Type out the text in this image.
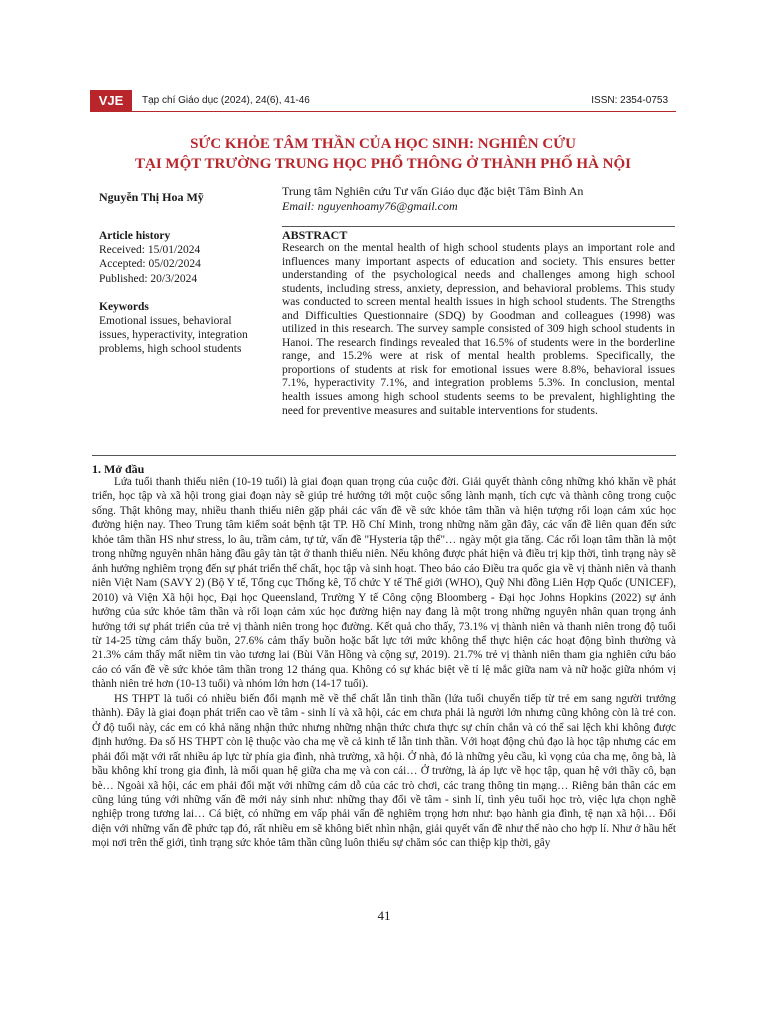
VJE	Tạp chí Giáo dục (2024), 24(6), 41-46	ISSN: 2354-0753
SỨC KHỎE TÂM THẦN CỦA HỌC SINH: NGHIÊN CỨU
TẠI MỘT TRƯỜNG TRUNG HỌC PHỔ THÔNG Ở THÀNH PHỐ HÀ NỘI
Nguyễn Thị Hoa Mỹ	Trung tâm Nghiên cứu Tư vấn Giáo dục đặc biệt Tâm Bình An
Email: nguyenhoamy76@gmail.com
Article history
Received: 15/01/2024
Accepted: 05/02/2024
Published: 20/3/2024
Keywords
Emotional issues, behavioral issues, hyperactivity, integration problems, high school students
ABSTRACT
Research on the mental health of high school students plays an important role and influences many important aspects of education and society. This ensures better understanding of the psychological needs and challenges among high school students, including stress, anxiety, depression, and behavioral problems. This study was conducted to screen mental health issues in high school students. The Strengths and Difficulties Questionnaire (SDQ) by Goodman and colleagues (1998) was utilized in this research. The survey sample consisted of 309 high school students in Hanoi. The research findings revealed that 16.5% of students were in the borderline range, and 15.2% were at risk of mental health problems. Specifically, the proportions of students at risk for emotional issues were 8.8%, behavioral issues 7.1%, hyperactivity 7.1%, and integration problems 5.3%. In conclusion, mental health issues among high school students seems to be prevalent, highlighting the need for preventive measures and suitable interventions for students.
1. Mở đầu

Lứa tuổi thanh thiếu niên (10-19 tuổi) là giai đoạn quan trọng của cuộc đời. Giải quyết thành công những khó khăn về phát triển, học tập và xã hội trong giai đoạn này sẽ giúp trẻ hướng tới một cuộc sống lành mạnh, tích cực và thành công trong cuộc sống. Thật không may, nhiều thanh thiếu niên gặp phải các vấn đề về sức khỏe tâm thần và hiện tượng rối loạn cảm xúc học đường hiện nay. Theo Trung tâm kiểm soát bệnh tật TP. Hồ Chí Minh, trong những năm gần đây, các vấn đề liên quan đến sức khỏe tâm thần HS như stress, lo âu, trầm cảm, tự tử, vấn đề "Hysteria tập thể"… ngày một gia tăng. Các rối loạn tâm thần là một trong những nguyên nhân hàng đầu gây tàn tật ở thanh thiếu niên. Nếu không được phát hiện và điều trị kịp thời, tình trạng này sẽ ảnh hưởng nghiêm trọng đến sự phát triển thể chất, học tập và sinh hoạt. Theo báo cáo Điều tra quốc gia về vị thành niên và thanh niên Việt Nam (SAVY 2) (Bộ Y tế, Tổng cục Thống kê, Tổ chức Y tế Thế giới (WHO), Quỹ Nhi đồng Liên Hợp Quốc (UNICEF), 2010) và Viện Xã hội học, Đại học Queensland, Trường Y tế Công cộng Bloomberg - Đại học Johns Hopkins (2022) sự ảnh hưởng của sức khỏe tâm thần và rối loạn cảm xúc học đường hiện nay đang là một trong những nguyên nhân quan trọng ảnh hưởng tới sự phát triển của trẻ vị thành niên trong học đường. Kết quả cho thấy, 73.1% vị thành niên và thanh niên trong độ tuổi từ 14-25 từng cảm thấy buồn, 27.6% cảm thấy buồn hoặc bất lực tới mức không thể thực hiện các hoạt động bình thường và 21.3% cảm thấy mất niềm tin vào tương lai (Bùi Văn Hồng và cộng sự, 2019). 21.7% trẻ vị thành niên tham gia nghiên cứu báo cáo có vấn đề về sức khỏe tâm thần trong 12 tháng qua. Không có sự khác biệt về tỉ lệ mắc giữa nam và nữ hoặc giữa nhóm vị thành niên trẻ hơn (10-13 tuổi) và nhóm lớn hơn (14-17 tuổi).

HS THPT là tuổi có nhiều biến đổi mạnh mẽ về thể chất lẫn tinh thần (lứa tuổi chuyển tiếp từ trẻ em sang người trưởng thành). Đây là giai đoạn phát triển cao về tâm - sinh lí và xã hội, các em chưa phải là người lớn nhưng cũng không còn là trẻ con. Ở độ tuổi này, các em có khả năng nhận thức nhưng những nhận thức chưa thực sự chín chắn và có thể sai lệch khi không được định hướng. Đa số HS THPT còn lệ thuộc vào cha mẹ về cả kinh tế lẫn tinh thần. Với hoạt động chủ đạo là học tập nhưng các em phải đối mặt với rất nhiều áp lực từ phía gia đình, nhà trường, xã hội. Ở nhà, đó là những yêu cầu, kì vọng của cha mẹ, ông bà, là bầu không khí trong gia đình, là mối quan hệ giữa cha mẹ và con cái… Ở trường, là áp lực về học tập, quan hệ với thầy cô, bạn bè… Ngoài xã hội, các em phải đối mặt với những cám dỗ của các trò chơi, các trang thông tin mạng… Riêng bản thân các em cũng lúng túng với những vấn đề mới nảy sinh như: những thay đổi về tâm - sinh lí, tình yêu tuổi học trò, việc lựa chọn nghề nghiệp trong tương lai… Cá biệt, có những em vấp phải vấn đề nghiêm trọng hơn như: bạo hành gia đình, tệ nạn xã hội… Đối diện với những vấn đề phức tạp đó, rất nhiều em sẽ không biết nhìn nhận, giải quyết vấn đề như thế nào cho hợp lí. Như ở hầu hết mọi nơi trên thế giới, tình trạng sức khỏe tâm thần cũng luôn thiếu sự chăm sóc can thiệp kịp thời, gây

41
